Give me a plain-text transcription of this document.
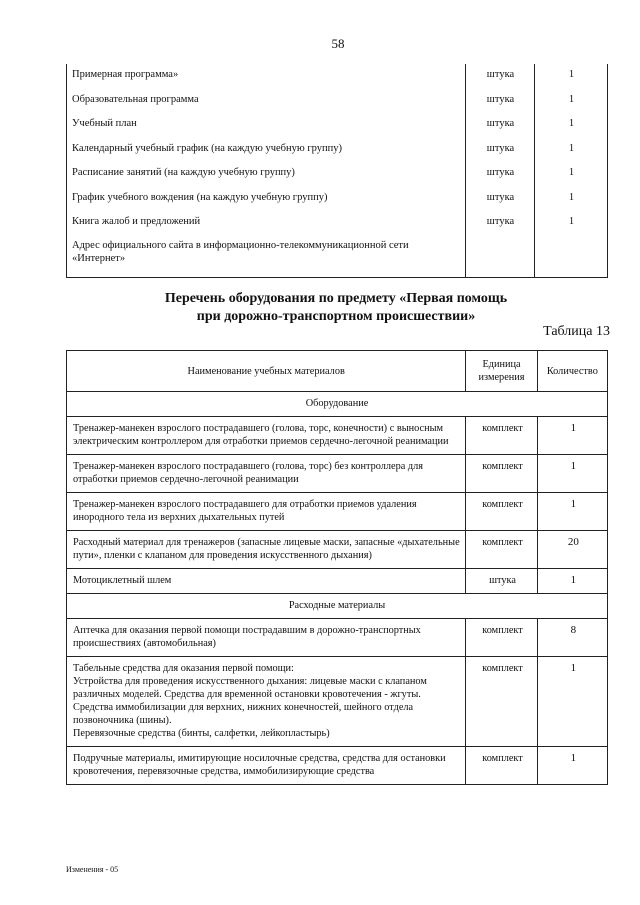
58
Примерная программа»	штука	1
Образовательная программа	штука	1
Учебный план	штука	1
Календарный учебный график (на каждую учебную группу)	штука	1
Расписание занятий (на каждую учебную группу)	штука	1
График учебного вождения (на каждую учебную группу)	штука	1
Книга жалоб и предложений	штука	1
Адрес официального сайта в информационно-телекоммуникационной сети «Интернет»		
Перечень оборудования по предмету «Первая помощь
при дорожно-транспортном происшествии»
Таблица 13
Наименование учебных материалов	Единица измерения	Количество
Оборудование		
Тренажер-манекен взрослого пострадавшего (голова, торс, конечности) с выносным электрическим контроллером для отработки приемов сердечно-легочной реанимации	комплект	1
Тренажер-манекен взрослого пострадавшего (голова, торс) без контроллера для отработки приемов сердечно-легочной реанимации	комплект	1
Тренажер-манекен взрослого пострадавшего для отработки приемов удаления инородного тела из верхних дыхательных путей	комплект	1
Расходный материал для тренажеров (запасные лицевые маски, запасные «дыхательные пути», пленки с клапаном для проведения искусственного дыхания)	комплект	20
Мотоциклетный шлем	штука	1
Расходные материалы		
Аптечка для оказания первой помощи пострадавшим в дорожно-транспортных происшествиях (автомобильная)	комплект	8

Табельные средства для оказания первой помощи:
Устройства для проведения искусственного дыхания: лицевые маски с клапаном различных моделей. Средства для временной остановки кровотечения - жгуты.
Средства иммобилизации для верхних, нижних конечностей, шейного отдела позвоночника (шины).
Перевязочные средства (бинты, салфетки, лейкопластырь)	комплект	1
Подручные материалы, имитирующие носилочные средства, средства для остановки кровотечения, перевязочные средства, иммобилизирующие средства	комплект	1
Изменения - 05
